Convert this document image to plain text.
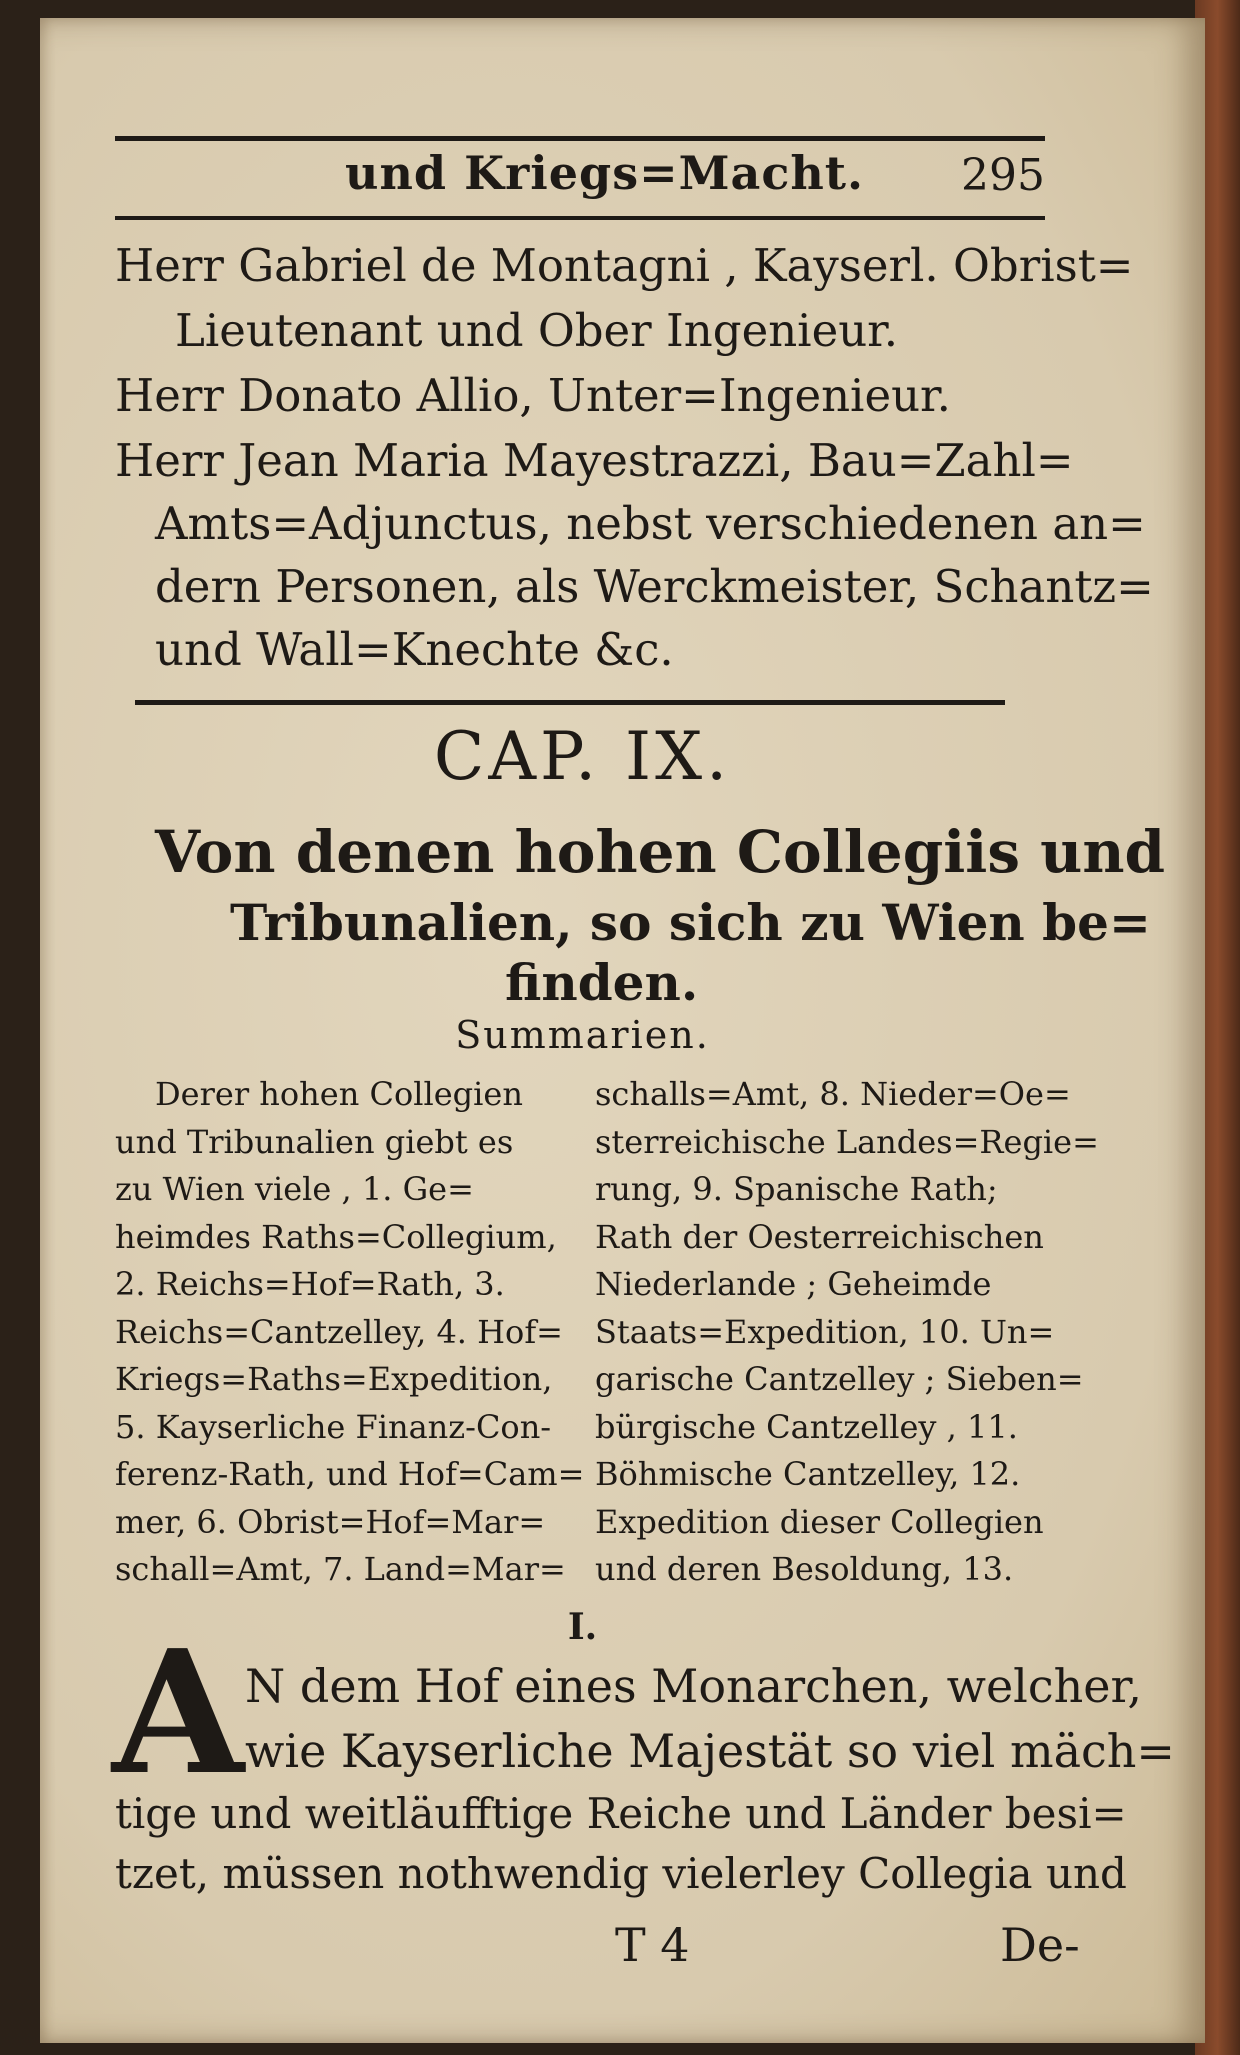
und Kriegs=Macht. 295
Herr Gabriel de Montagni , Kayserl. Obrist=
Lieutenant und Ober Ingenieur.
Herr Donato Allio, Unter=Ingenieur.
Herr Jean Maria Mayestrazzi, Bau=Zahl=
Amts=Adjunctus, nebst verschiedenen an=
dern Personen, als Werckmeister, Schantz=
und Wall=Knechte &c.
CAP. IX.
Von denen hohen Collegiis und
Tribunalien, so sich zu Wien be=
finden.
Summarien.
Derer hohen Collegien
und Tribunalien giebt es
zu Wien viele , 1. Ge=
heimdes Raths=Collegium,
2. Reichs=Hof=Rath, 3.
Reichs=Cantzelley, 4. Hof=
Kriegs=Raths=Expedition,
5. Kayserliche Finanz-Con-
ferenz-Rath, und Hof=Cam=
mer, 6. Obrist=Hof=Mar=
schall=Amt, 7. Land=Mar=
schalls=Amt, 8. Nieder=Oe=
sterreichische Landes=Regie=
rung, 9. Spanische Rath;
Rath der Oesterreichischen
Niederlande ; Geheimde
Staats=Expedition, 10. Un=
garische Cantzelley ; Sieben=
bürgische Cantzelley , 11.
Böhmische Cantzelley, 12.
Expedition dieser Collegien
und deren Besoldung, 13.
I.
A N dem Hof eines Monarchen, welcher,
wie Kayserliche Majestät so viel mäch=
tige und weitläufftige Reiche und Länder besi=
tzet, müssen nothwendig vielerley Collegia und
T 4	De-
